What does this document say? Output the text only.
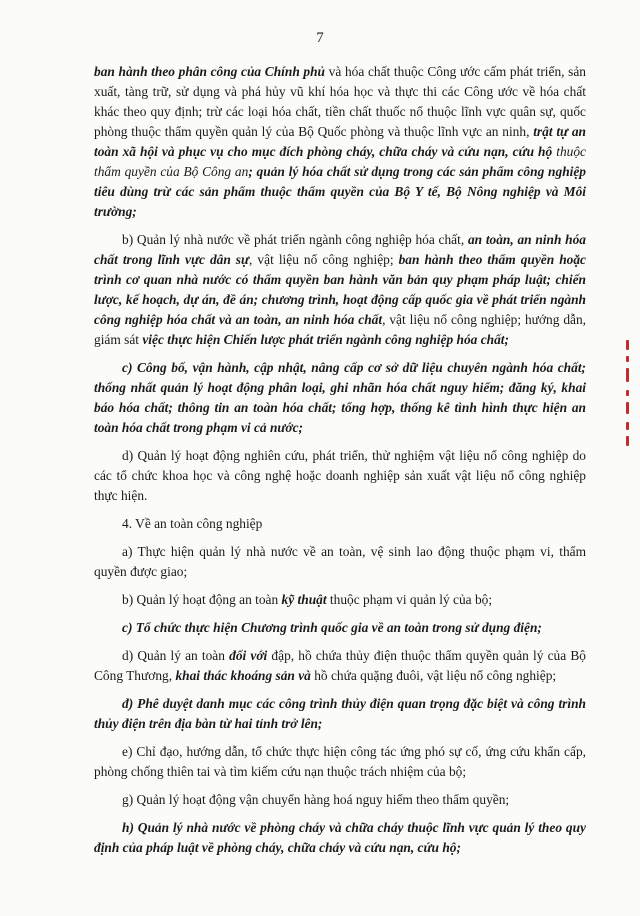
7

ban hành theo phân công của Chính phủ và hóa chất thuộc Công ước cấm phát triển, sản xuất, tàng trữ, sử dụng và phá hủy vũ khí hóa học và thực thi các Công ước về hóa chất khác theo quy định; trừ các loại hóa chất, tiền chất thuốc nổ thuộc lĩnh vực quân sự, quốc phòng thuộc thẩm quyền quản lý của Bộ Quốc phòng và thuộc lĩnh vực an ninh, trật tự an toàn xã hội và phục vụ cho mục đích phòng cháy, chữa cháy và cứu nạn, cứu hộ thuộc thẩm quyền của Bộ Công an; quản lý hóa chất sử dụng trong các sản phẩm công nghiệp tiêu dùng trừ các sản phẩm thuộc thẩm quyền của Bộ Y tế, Bộ Nông nghiệp và Môi trường;

b) Quản lý nhà nước về phát triển ngành công nghiệp hóa chất, an toàn, an ninh hóa chất trong lĩnh vực dân sự, vật liệu nổ công nghiệp; ban hành theo thẩm quyền hoặc trình cơ quan nhà nước có thẩm quyền ban hành văn bản quy phạm pháp luật; chiến lược, kế hoạch, dự án, đề án; chương trình, hoạt động cấp quốc gia về phát triển ngành công nghiệp hóa chất và an toàn, an ninh hóa chất, vật liệu nổ công nghiệp; hướng dẫn, giám sát việc thực hiện Chiến lược phát triển ngành công nghiệp hóa chất;

c) Công bố, vận hành, cập nhật, nâng cấp cơ sở dữ liệu chuyên ngành hóa chất; thống nhất quản lý hoạt động phân loại, ghi nhãn hóa chất nguy hiểm; đăng ký, khai báo hóa chất; thông tin an toàn hóa chất; tổng hợp, thống kê tình hình thực hiện an toàn hóa chất trong phạm vi cả nước;

d) Quản lý hoạt động nghiên cứu, phát triển, thử nghiệm vật liệu nổ công nghiệp do các tổ chức khoa học và công nghệ hoặc doanh nghiệp sản xuất vật liệu nổ công nghiệp thực hiện.

4. Về an toàn công nghiệp

a) Thực hiện quản lý nhà nước về an toàn, vệ sinh lao động thuộc phạm vi, thẩm quyền được giao;

b) Quản lý hoạt động an toàn kỹ thuật thuộc phạm vi quản lý của bộ;

c) Tổ chức thực hiện Chương trình quốc gia về an toàn trong sử dụng điện;

d) Quản lý an toàn đối với đập, hồ chứa thủy điện thuộc thẩm quyền quản lý của Bộ Công Thương, khai thác khoáng sản và hồ chứa quặng đuôi, vật liệu nổ công nghiệp;

đ) Phê duyệt danh mục các công trình thủy điện quan trọng đặc biệt và công trình thủy điện trên địa bàn từ hai tỉnh trở lên;

e) Chỉ đạo, hướng dẫn, tổ chức thực hiện công tác ứng phó sự cố, ứng cứu khẩn cấp, phòng chống thiên tai và tìm kiếm cứu nạn thuộc trách nhiệm của bộ;

g) Quản lý hoạt động vận chuyển hàng hoá nguy hiểm theo thẩm quyền;

h) Quản lý nhà nước về phòng cháy và chữa cháy thuộc lĩnh vực quản lý theo quy định của pháp luật về phòng cháy, chữa cháy và cứu nạn, cứu hộ;
